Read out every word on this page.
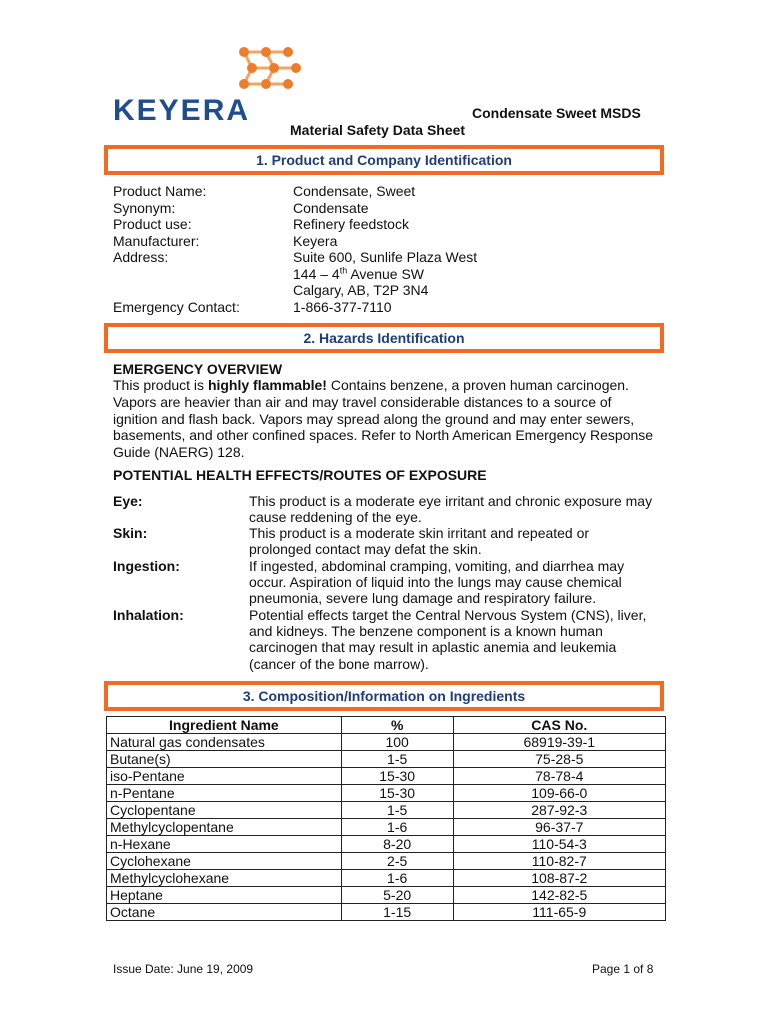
KEYERA	Condensate Sweet MSDS
Material Safety Data Sheet
1. Product and Company Identification
Product Name:	Condensate, Sweet
Synonym:	Condensate
Product use:	Refinery feedstock
Manufacturer:	Keyera
Address:	Suite 600, Sunlife Plaza West
144 – 4th Avenue SW
Calgary, AB, T2P 3N4
Emergency Contact:	1-866-377-7110
2. Hazards Identification
EMERGENCY OVERVIEW
This product is highly flammable! Contains benzene, a proven human carcinogen. Vapors are heavier than air and may travel considerable distances to a source of ignition and flash back. Vapors may spread along the ground and may enter sewers, basements, and other confined spaces. Refer to North American Emergency Response Guide (NAERG) 128.
POTENTIAL HEALTH EFFECTS/ROUTES OF EXPOSURE
Eye:	This product is a moderate eye irritant and chronic exposure may cause reddening of the eye.
Skin:	This product is a moderate skin irritant and repeated or prolonged contact may defat the skin.
Ingestion:	If ingested, abdominal cramping, vomiting, and diarrhea may occur. Aspiration of liquid into the lungs may cause chemical pneumonia, severe lung damage and respiratory failure.
Inhalation:	Potential effects target the Central Nervous System (CNS), liver, and kidneys. The benzene component is a known human carcinogen that may result in aplastic anemia and leukemia (cancer of the bone marrow).
3. Composition/Information on Ingredients
Ingredient Name	%	CAS No.
Natural gas condensates	100	68919-39-1
Butane(s)	1-5	75-28-5
iso-Pentane	15-30	78-78-4
n-Pentane	15-30	109-66-0
Cyclopentane	1-5	287-92-3
Methylcyclopentane	1-6	96-37-7
n-Hexane	8-20	110-54-3
Cyclohexane	2-5	110-82-7
Methylcyclohexane	1-6	108-87-2
Heptane	5-20	142-82-5
Octane	1-15	111-65-9
Issue Date: June 19, 2009	Page 1 of 8
